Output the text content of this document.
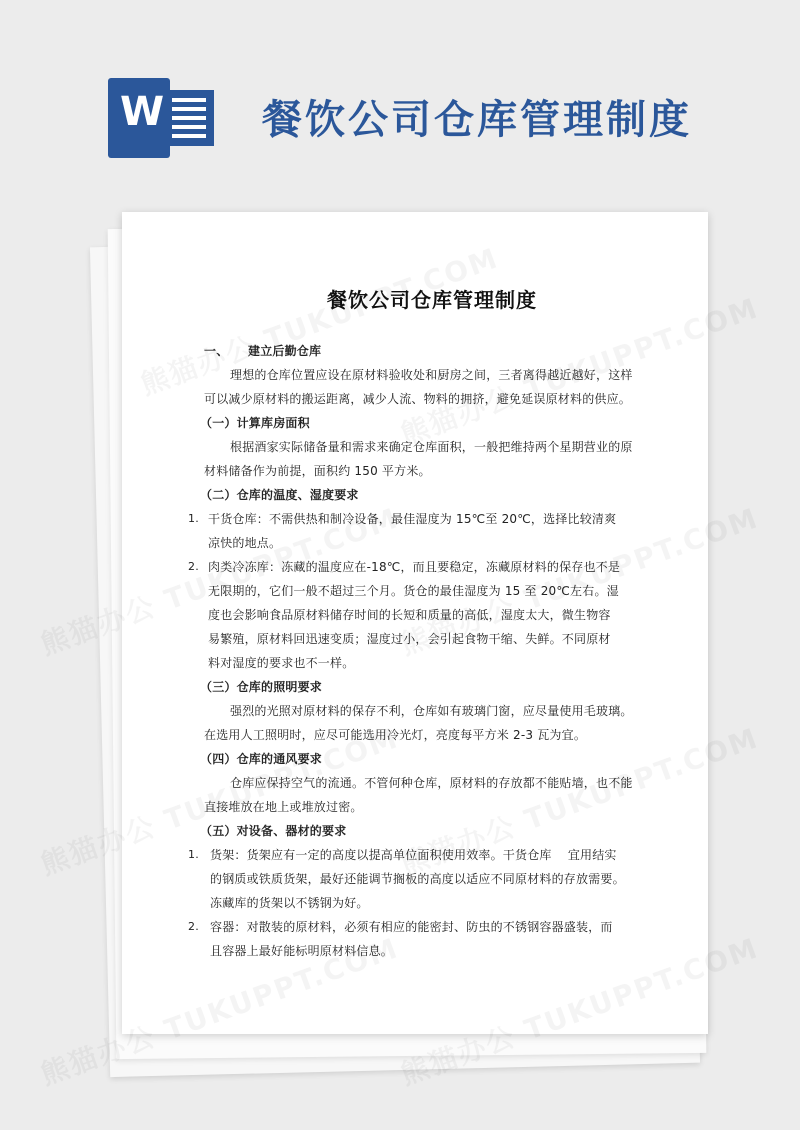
W 餐饮公司仓库管理制度
餐饮公司仓库管理制度

一、 建立后勤仓库

理想的仓库位置应设在原材料验收处和厨房之间，三者离得越近越好，这样

可以减少原材料的搬运距离，减少人流、物料的拥挤，避免延误原材料的供应。

（一）计算库房面积

根据酒家实际储备量和需求来确定仓库面积，一般把维持两个星期营业的原

材料储备作为前提，面积约 150 平方米。

（二）仓库的温度、湿度要求

1. 干货仓库：不需供热和制冷设备，最佳湿度为 15℃至 20℃，选择比较清爽

凉快的地点。

2. 肉类冷冻库：冻藏的温度应在-18℃，而且要稳定，冻藏原材料的保存也不是

无限期的，它们一般不超过三个月。货仓的最佳湿度为 15 至 20℃左右。湿

度也会影响食品原材料储存时间的长短和质量的高低，湿度太大，微生物容

易繁殖，原材料回迅速变质；湿度过小，会引起食物干缩、失鲜。不同原材

料对湿度的要求也不一样。

（三）仓库的照明要求

强烈的光照对原材料的保存不利，仓库如有玻璃门窗，应尽量使用毛玻璃。

在选用人工照明时，应尽可能选用冷光灯，亮度每平方米 2-3 瓦为宜。

（四）仓库的通风要求

仓库应保持空气的流通。不管何种仓库，原材料的存放都不能贴墙，也不能

直接堆放在地上或堆放过密。

（五）对设备、器材的要求

1. 货架：货架应有一定的高度以提高单位面积使用效率。干货仓库　 宜用结实

的钢质或铁质货架，最好还能调节搁板的高度以适应不同原材料的存放需要。

冻藏库的货架以不锈钢为好。

2. 容器：对散装的原材料，必须有相应的能密封、防虫的不锈钢容器盛装，而

且容器上最好能标明原材料信息。
